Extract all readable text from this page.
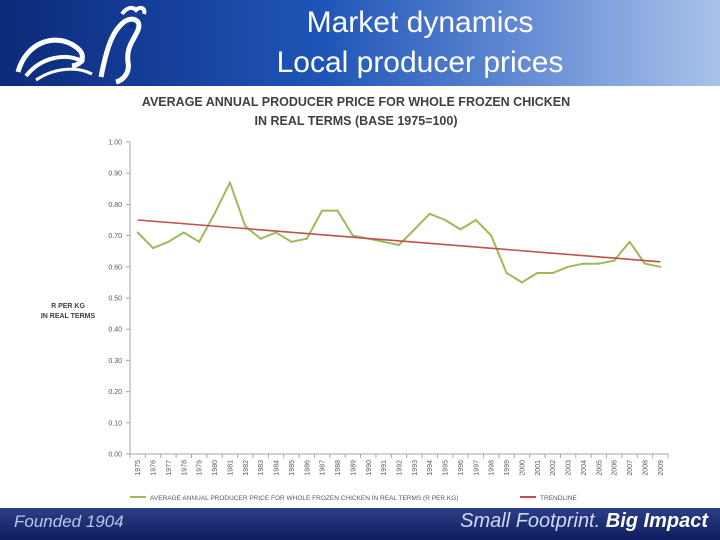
Market dynamics
Local producer prices
AVERAGE ANNUAL PRODUCER PRICE FOR WHOLE FROZEN CHICKEN
IN REAL TERMS (BASE 1975=100)
R PER KG
IN REAL TERMS
0.00
0.10
0.20
0.30
0.40
0.50
0.60
0.70
0.80
0.90
1.00
1975 1976 1977 1978 1979 1980 1981 1982 1983 1984 1985 1986 1987 1988 1989 1990 1991 1992 1993 1994 1995 1996 1997 1998 1999 2000 2001 2002 2003 2004 2005 2006 2007 2008 2009
AVERAGE ANNUAL PRODUCER PRICE FOR WHOLE FROZEN CHICKEN IN REAL TERMS (R PER KG)	TRENDLINE
Founded 1904	Small Footprint. Big Impact
